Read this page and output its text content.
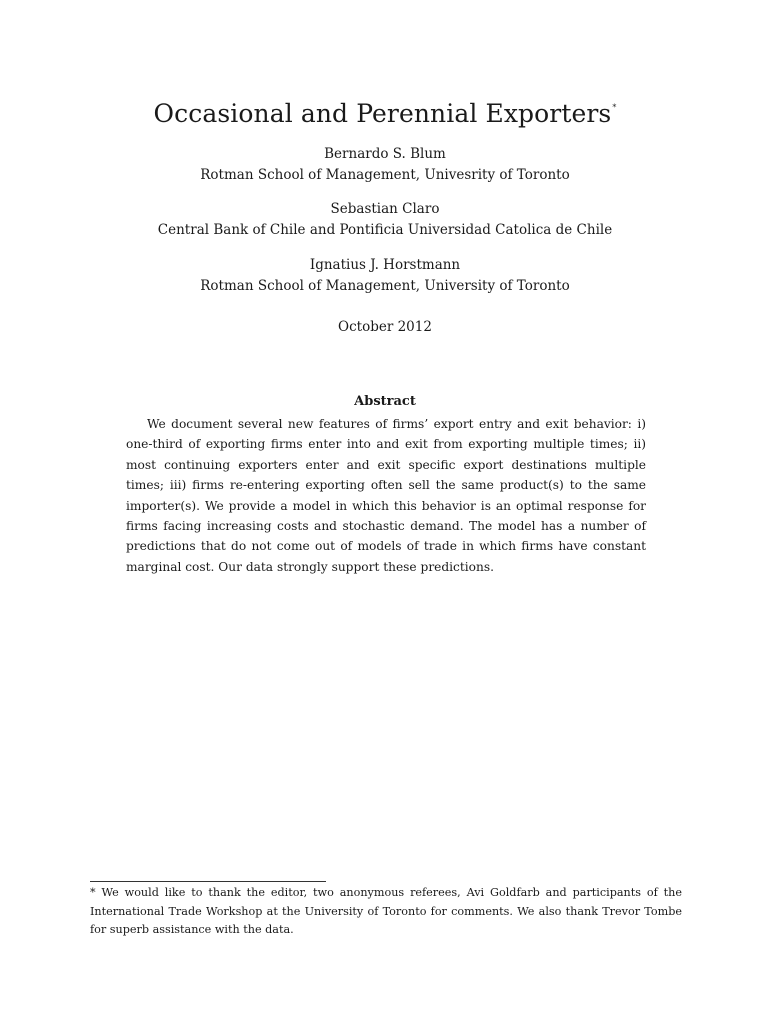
Occasional and Perennial Exporters*
Bernardo S. Blum
Rotman School of Management, Univesrity of Toronto
Sebastian Claro
Central Bank of Chile and Pontificia Universidad Catolica de Chile
Ignatius J. Horstmann
Rotman School of Management, University of Toronto
October 2012
Abstract

We document several new features of firms’ export entry and exit behavior: i) one-third of exporting firms enter into and exit from exporting multiple times; ii) most continuing exporters enter and exit specific export destinations multiple times; iii) firms re-entering exporting often sell the same product(s) to the same importer(s). We provide a model in which this behavior is an optimal response for firms facing increasing costs and stochastic demand. The model has a number of predictions that do not come out of models of trade in which firms have constant marginal cost. Our data strongly support these predictions.

* We would like to thank the editor, two anonymous referees, Avi Goldfarb and participants of the International Trade Workshop at the University of Toronto for comments. We also thank Trevor Tombe for superb assistance with the data.
